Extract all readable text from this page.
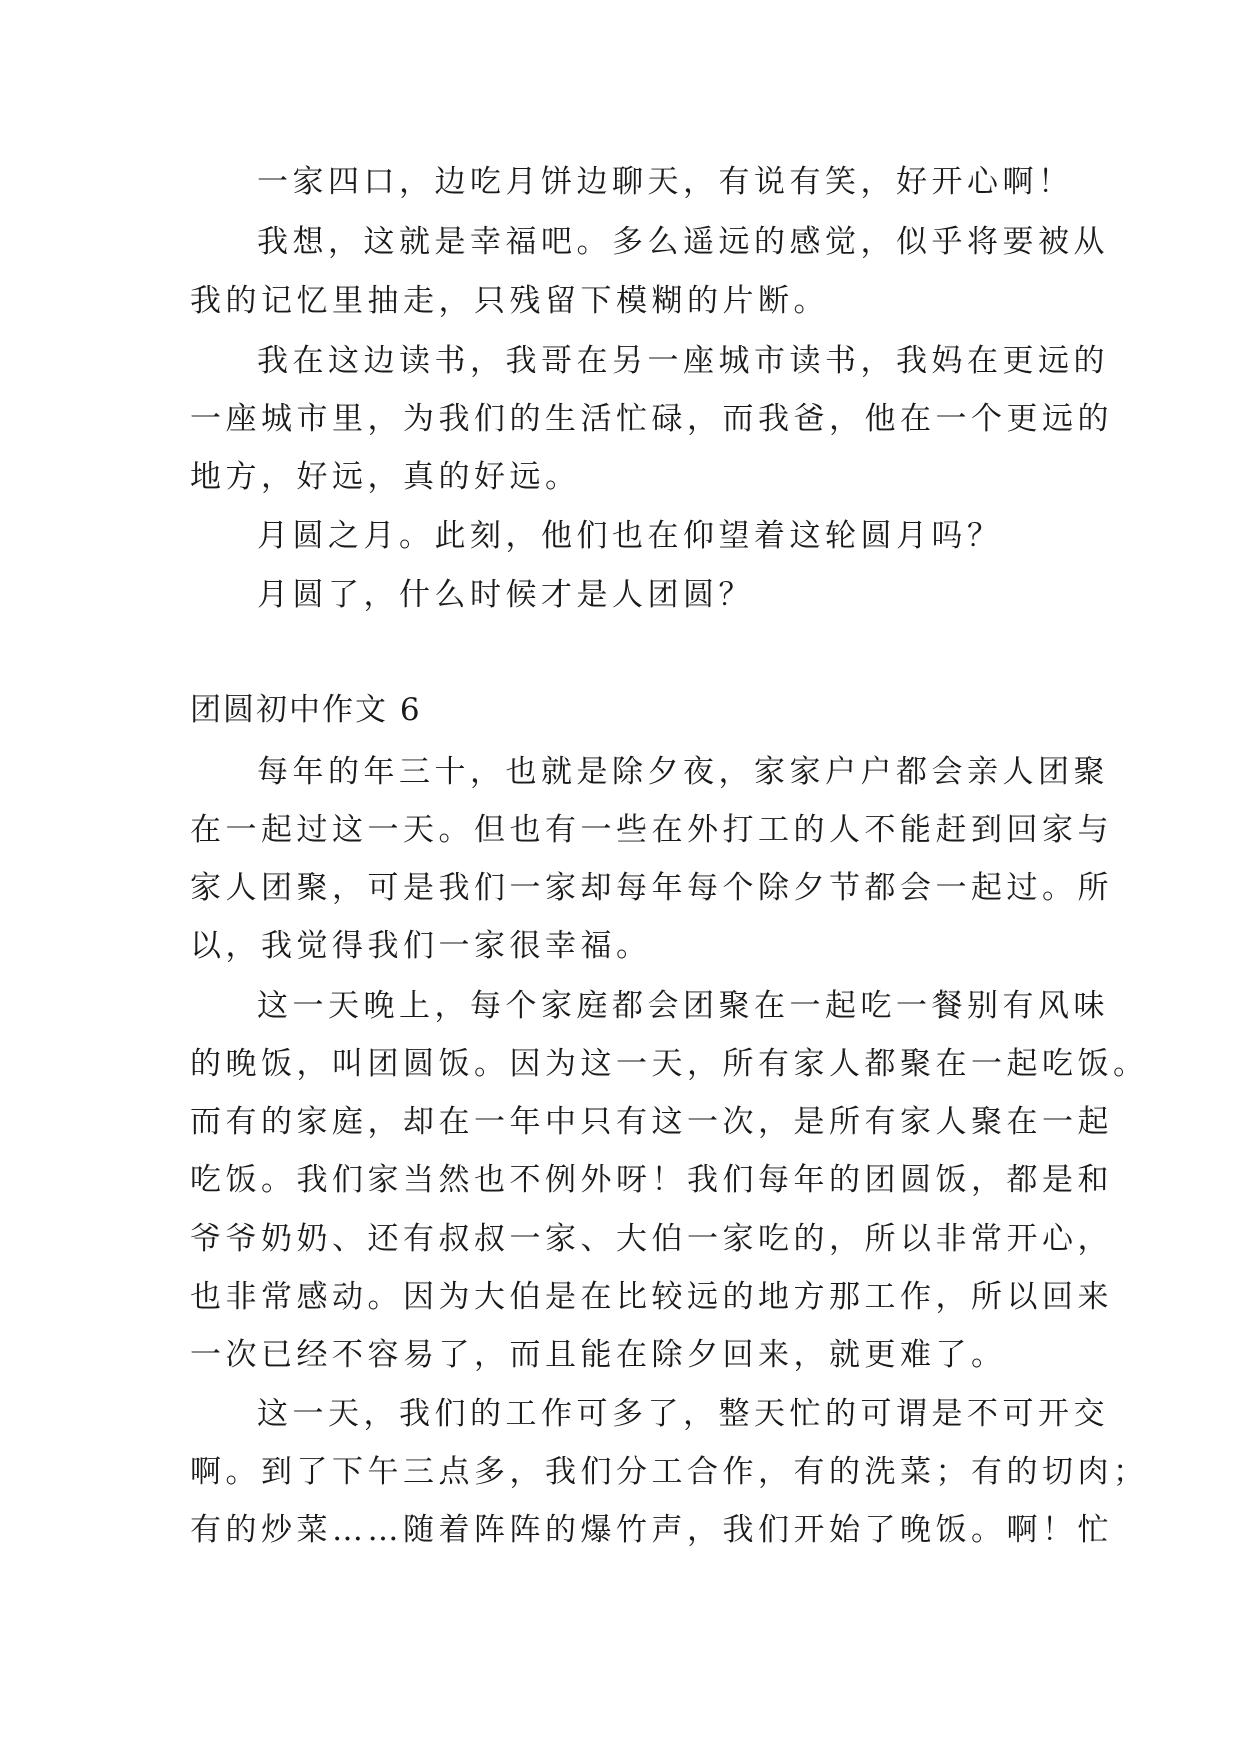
一家四口，边吃月饼边聊天，有说有笑，好开心啊！
我想，这就是幸福吧。多么遥远的感觉，似乎将要被从
我的记忆里抽走，只残留下模糊的片断。
我在这边读书，我哥在另一座城市读书，我妈在更远的
一座城市里，为我们的生活忙碌，而我爸，他在一个更远的
地方，好远，真的好远。
月圆之月。此刻，他们也在仰望着这轮圆月吗？
月圆了，什么时候才是人团圆？
团圆初中作文 6
每年的年三十，也就是除夕夜，家家户户都会亲人团聚
在一起过这一天。但也有一些在外打工的人不能赶到回家与
家人团聚，可是我们一家却每年每个除夕节都会一起过。所
以，我觉得我们一家很幸福。
这一天晚上，每个家庭都会团聚在一起吃一餐别有风味
的晚饭，叫团圆饭。因为这一天，所有家人都聚在一起吃饭。
而有的家庭，却在一年中只有这一次，是所有家人聚在一起
吃饭。我们家当然也不例外呀！我们每年的团圆饭，都是和
爷爷奶奶、还有叔叔一家、大伯一家吃的，所以非常开心，
也非常感动。因为大伯是在比较远的地方那工作，所以回来
一次已经不容易了，而且能在除夕回来，就更难了。
这一天，我们的工作可多了，整天忙的可谓是不可开交
啊。到了下午三点多，我们分工合作，有的洗菜；有的切肉；
有的炒菜……随着阵阵的爆竹声，我们开始了晚饭。啊！忙
